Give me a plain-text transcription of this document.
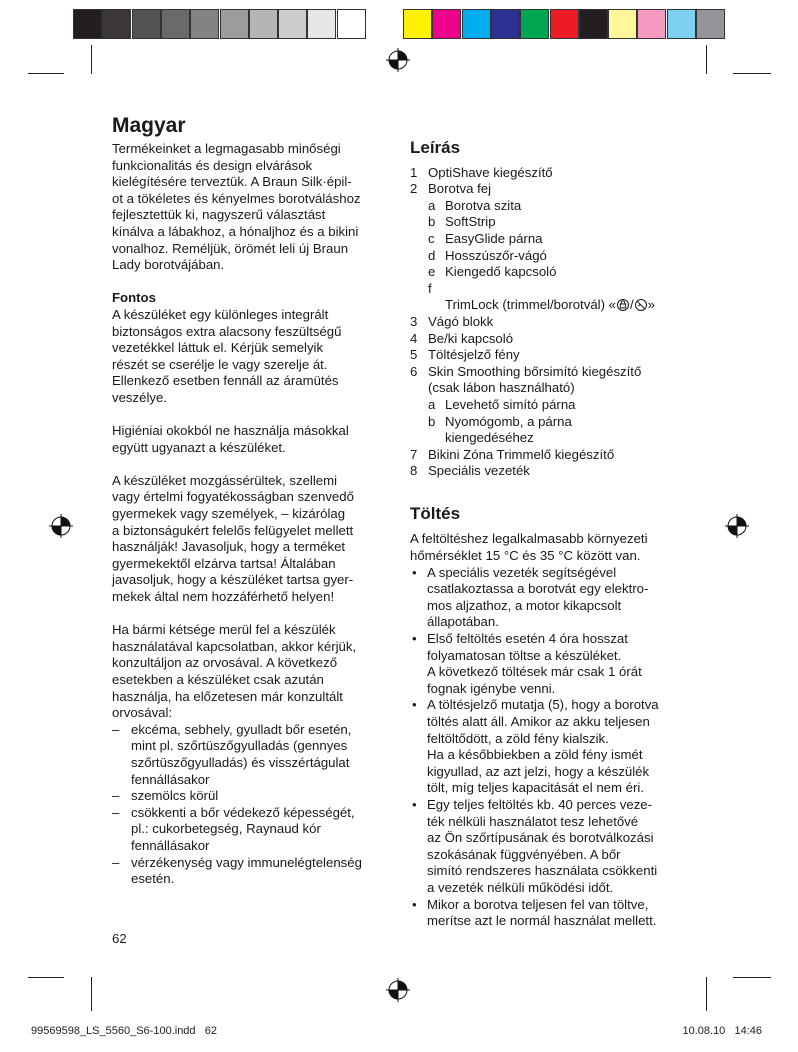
Magyar

Termékeinket a legmagasabb minőségi
funkcionalitás és design elvárások
kielégítésére terveztük. A Braun Silk·épil-
ot a tökéletes és kényelmes borotváláshoz
fejlesztettük ki, nagyszerű választást
kínálva a lábakhoz, a hónaljhoz és a bikini
vonalhoz. Reméljük, örömét leli új Braun
Lady borotvájában.

Fontos

A készüléket egy különleges integrált
biztonságos extra alacsony feszültségű
vezetékkel láttuk el. Kérjük semelyik
részét se cserélje le vagy szerelje át.
Ellenkező esetben fennáll az áramütés
veszélye.

Higiéniai okokból ne használja másokkal
együtt ugyanazt a készüléket.

A készüléket mozgássérültek, szellemi
vagy értelmi fogyatékosságban szenvedő
gyermekek vagy személyek, – kizárólag
a biztonságukért felelős felügyelet mellett
használják! Javasoljuk, hogy a terméket
gyermekektől elzárva tartsa! Általában
javasoljuk, hogy a készüléket tartsa gyer-
mekek által nem hozzáférhető helyen!

Ha bármi kétsége merül fel a készülék
használatával kapcsolatban, akkor kérjük,
konzultáljon az orvosával. A következő
esetekben a készüléket csak azután
használja, ha előzetesen már konzultált
orvosával:

– ekcéma, sebhely, gyulladt bőr esetén,
mint pl. szőrtüszőgyulladás (gennyes
szőrtüszőgyulladás) és visszértágulat
fennállásakor
– szemölcs körül
– csökkenti a bőr védekező képességét,
pl.: cukorbetegség, Raynaud kór
fennállásakor
– vérzékenység vagy immunelégtelenség
esetén.
62
Leírás
1 OptiShave kiegészítő
2 Borotva fej
a Borotva szita
b SoftStrip
c EasyGlide párna
d Hosszúszőr-vágó
e Kiengedő kapcsoló
f

TrimLock (trimmel/borotvál) « / »

3 Vágó blokk
4 Be/ki kapcsoló
5 Töltésjelző fény
6 Skin Smoothing bőrsimító kiegészítő
(csak lábon használható)
a Levehető simító párna
b Nyomógomb, a párna
kiengedéséhez
7 Bikini Zóna Trimmelő kiegészítő
8 Speciális vezeték
Töltés

A feltöltéshez legalkalmasabb környezeti
hőmérséklet 15 °C és 35 °C között van.

• A speciális vezeték segítségével
csatlakoztassa a borotvát egy elektro-
mos aljzathoz, a motor kikapcsolt
állapotában.
• Első feltöltés esetén 4 óra hosszat
folyamatosan töltse a készüléket.
A következő töltések már csak 1 órát
fognak igénybe venni.
• A töltésjelző mutatja (5), hogy a borotva
töltés alatt áll. Amikor az akku teljesen
feltöltődött, a zöld fény kialszik.
Ha a későbbiekben a zöld fény ismét
kigyullad, az azt jelzi, hogy a készülék
tölt, míg teljes kapacitását el nem éri.
• Egy teljes feltöltés kb. 40 perces veze-
ték nélküli használatot tesz lehetővé
az Ön szőrtípusának és borotválkozási
szokásának függvényében. A bőr
simító rendszeres használata csökkenti
a vezeték nélküli működési időt.
• Mikor a borotva teljesen fel van töltve,
merítse azt le normál használat mellett.
99569598_LS_5560_S6-100.indd   62	10.08.10   14:46
